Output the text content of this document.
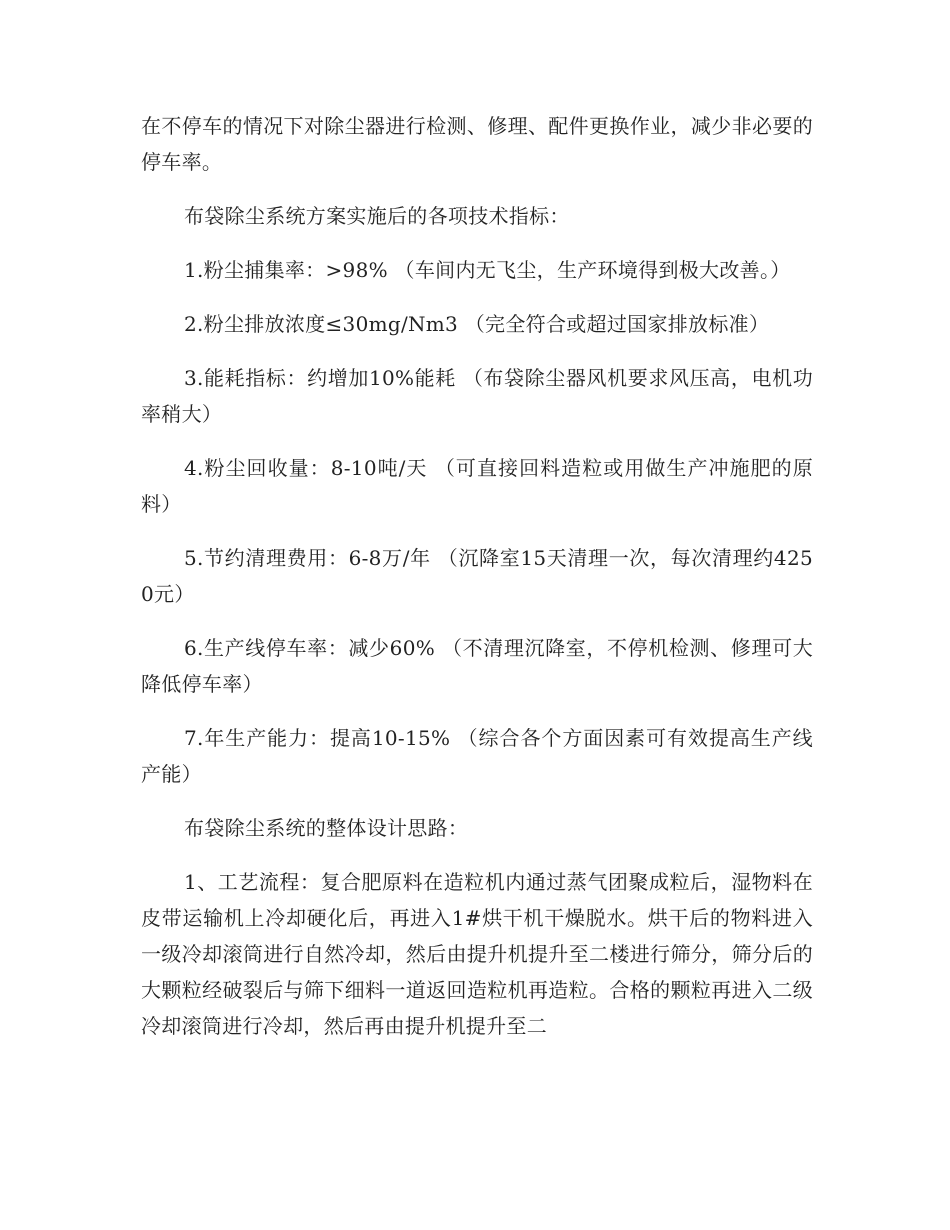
在不停车的情况下对除尘器进行检测、修理、配件更换作业，减少非必要的停车率。

布袋除尘系统方案实施后的各项技术指标：

1.粉尘捕集率：>98% （车间内无飞尘，生产环境得到极大改善。）

2.粉尘排放浓度≤30mg/Nm3 （完全符合或超过国家排放标准）

3.能耗指标：约增加10%能耗 （布袋除尘器风机要求风压高，电机功率稍大）

4.粉尘回收量：8-10吨/天 （可直接回料造粒或用做生产冲施肥的原料）

5.节约清理费用：6-8万/年 （沉降室15天清理一次，每次清理约4250元）

6.生产线停车率：减少60% （不清理沉降室，不停机检测、修理可大降低停车率）

7.年生产能力：提高10-15% （综合各个方面因素可有效提高生产线产能）

布袋除尘系统的整体设计思路：

1、工艺流程：复合肥原料在造粒机内通过蒸气团聚成粒后，湿物料在皮带运输机上冷却硬化后，再进入1#烘干机干燥脱水。烘干后的物料进入一级冷却滚筒进行自然冷却，然后由提升机提升至二楼进行筛分，筛分后的大颗粒经破裂后与筛下细料一道返回造粒机再造粒。合格的颗粒再进入二级冷却滚筒进行冷却，然后再由提升机提升至二
